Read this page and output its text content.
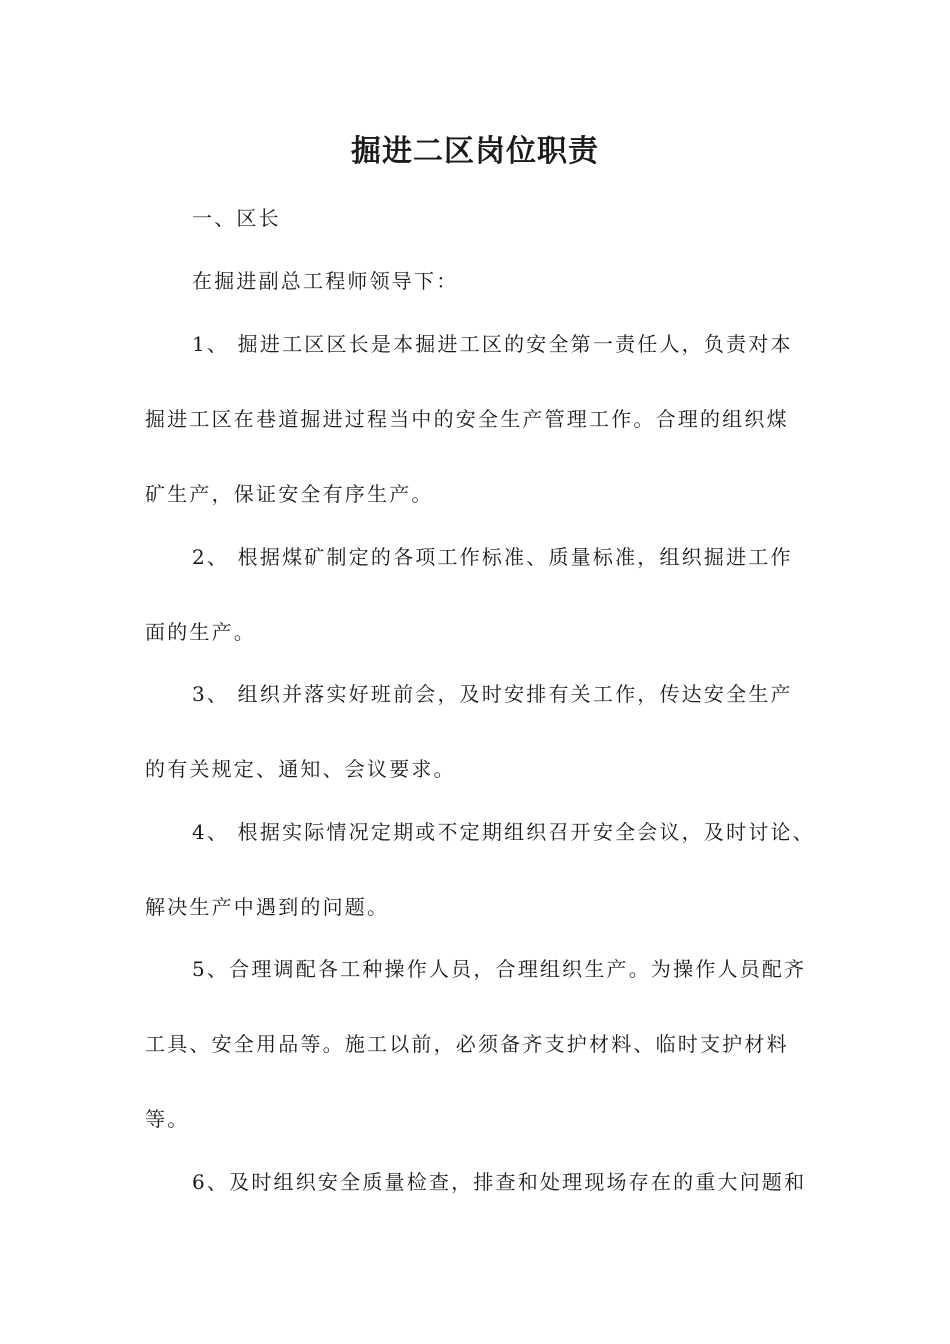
掘进二区岗位职责
一、区长
在掘进副总工程师领导下：
1、 掘进工区区长是本掘进工区的安全第一责任人，负责对本
掘进工区在巷道掘进过程当中的安全生产管理工作。合理的组织煤
矿生产，保证安全有序生产。
2、 根据煤矿制定的各项工作标准、质量标准，组织掘进工作
面的生产。
3、 组织并落实好班前会，及时安排有关工作，传达安全生产
的有关规定、通知、会议要求。
4、 根据实际情况定期或不定期组织召开安全会议，及时讨论、
解决生产中遇到的问题。
5、合理调配各工种操作人员，合理组织生产。为操作人员配齐
工具、安全用品等。施工以前，必须备齐支护材料、临时支护材料
等。
6、及时组织安全质量检查，排查和处理现场存在的重大问题和
